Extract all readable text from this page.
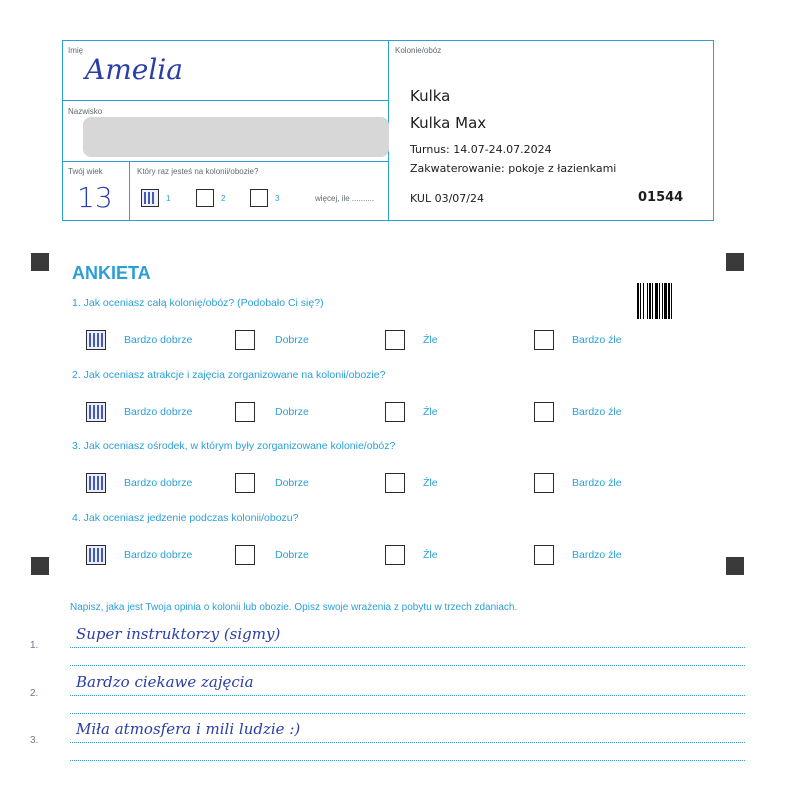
Imię
Amelia
Nazwisko
Twój wiek
13
Który raz jesteś na kolonii/obozie?
1	2	3	więcej, ile ..........
Kolonie/obóz
Kulka
Kulka Max
Turnus: 14.07-24.07.2024
Zakwaterowanie: pokoje z łazienkami
KUL 03/07/24	01544
ANKIETA
1. Jak oceniasz całą kolonię/obóz? (Podobało Ci się?)
Bardzo dobrze	Dobrze	Źle	Bardzo źle
2. Jak oceniasz atrakcje i zajęcia zorganizowane na kolonii/obozie?
Bardzo dobrze	Dobrze	Źle	Bardzo źle
3. Jak oceniasz ośrodek, w którym były zorganizowane kolonie/obóz?
Bardzo dobrze	Dobrze	Źle	Bardzo źle
4. Jak oceniasz jedzenie podczas kolonii/obozu?
Bardzo dobrze	Dobrze	Źle	Bardzo źle
Napisz, jaka jest Twoja opinia o kolonii lub obozie. Opisz swoje wrażenia z pobytu w trzech zdaniach.
1.
Super instruktorzy (sigmy)
2.
Bardzo ciekawe zajęcia
3.
Miła atmosfera i mili ludzie :)
